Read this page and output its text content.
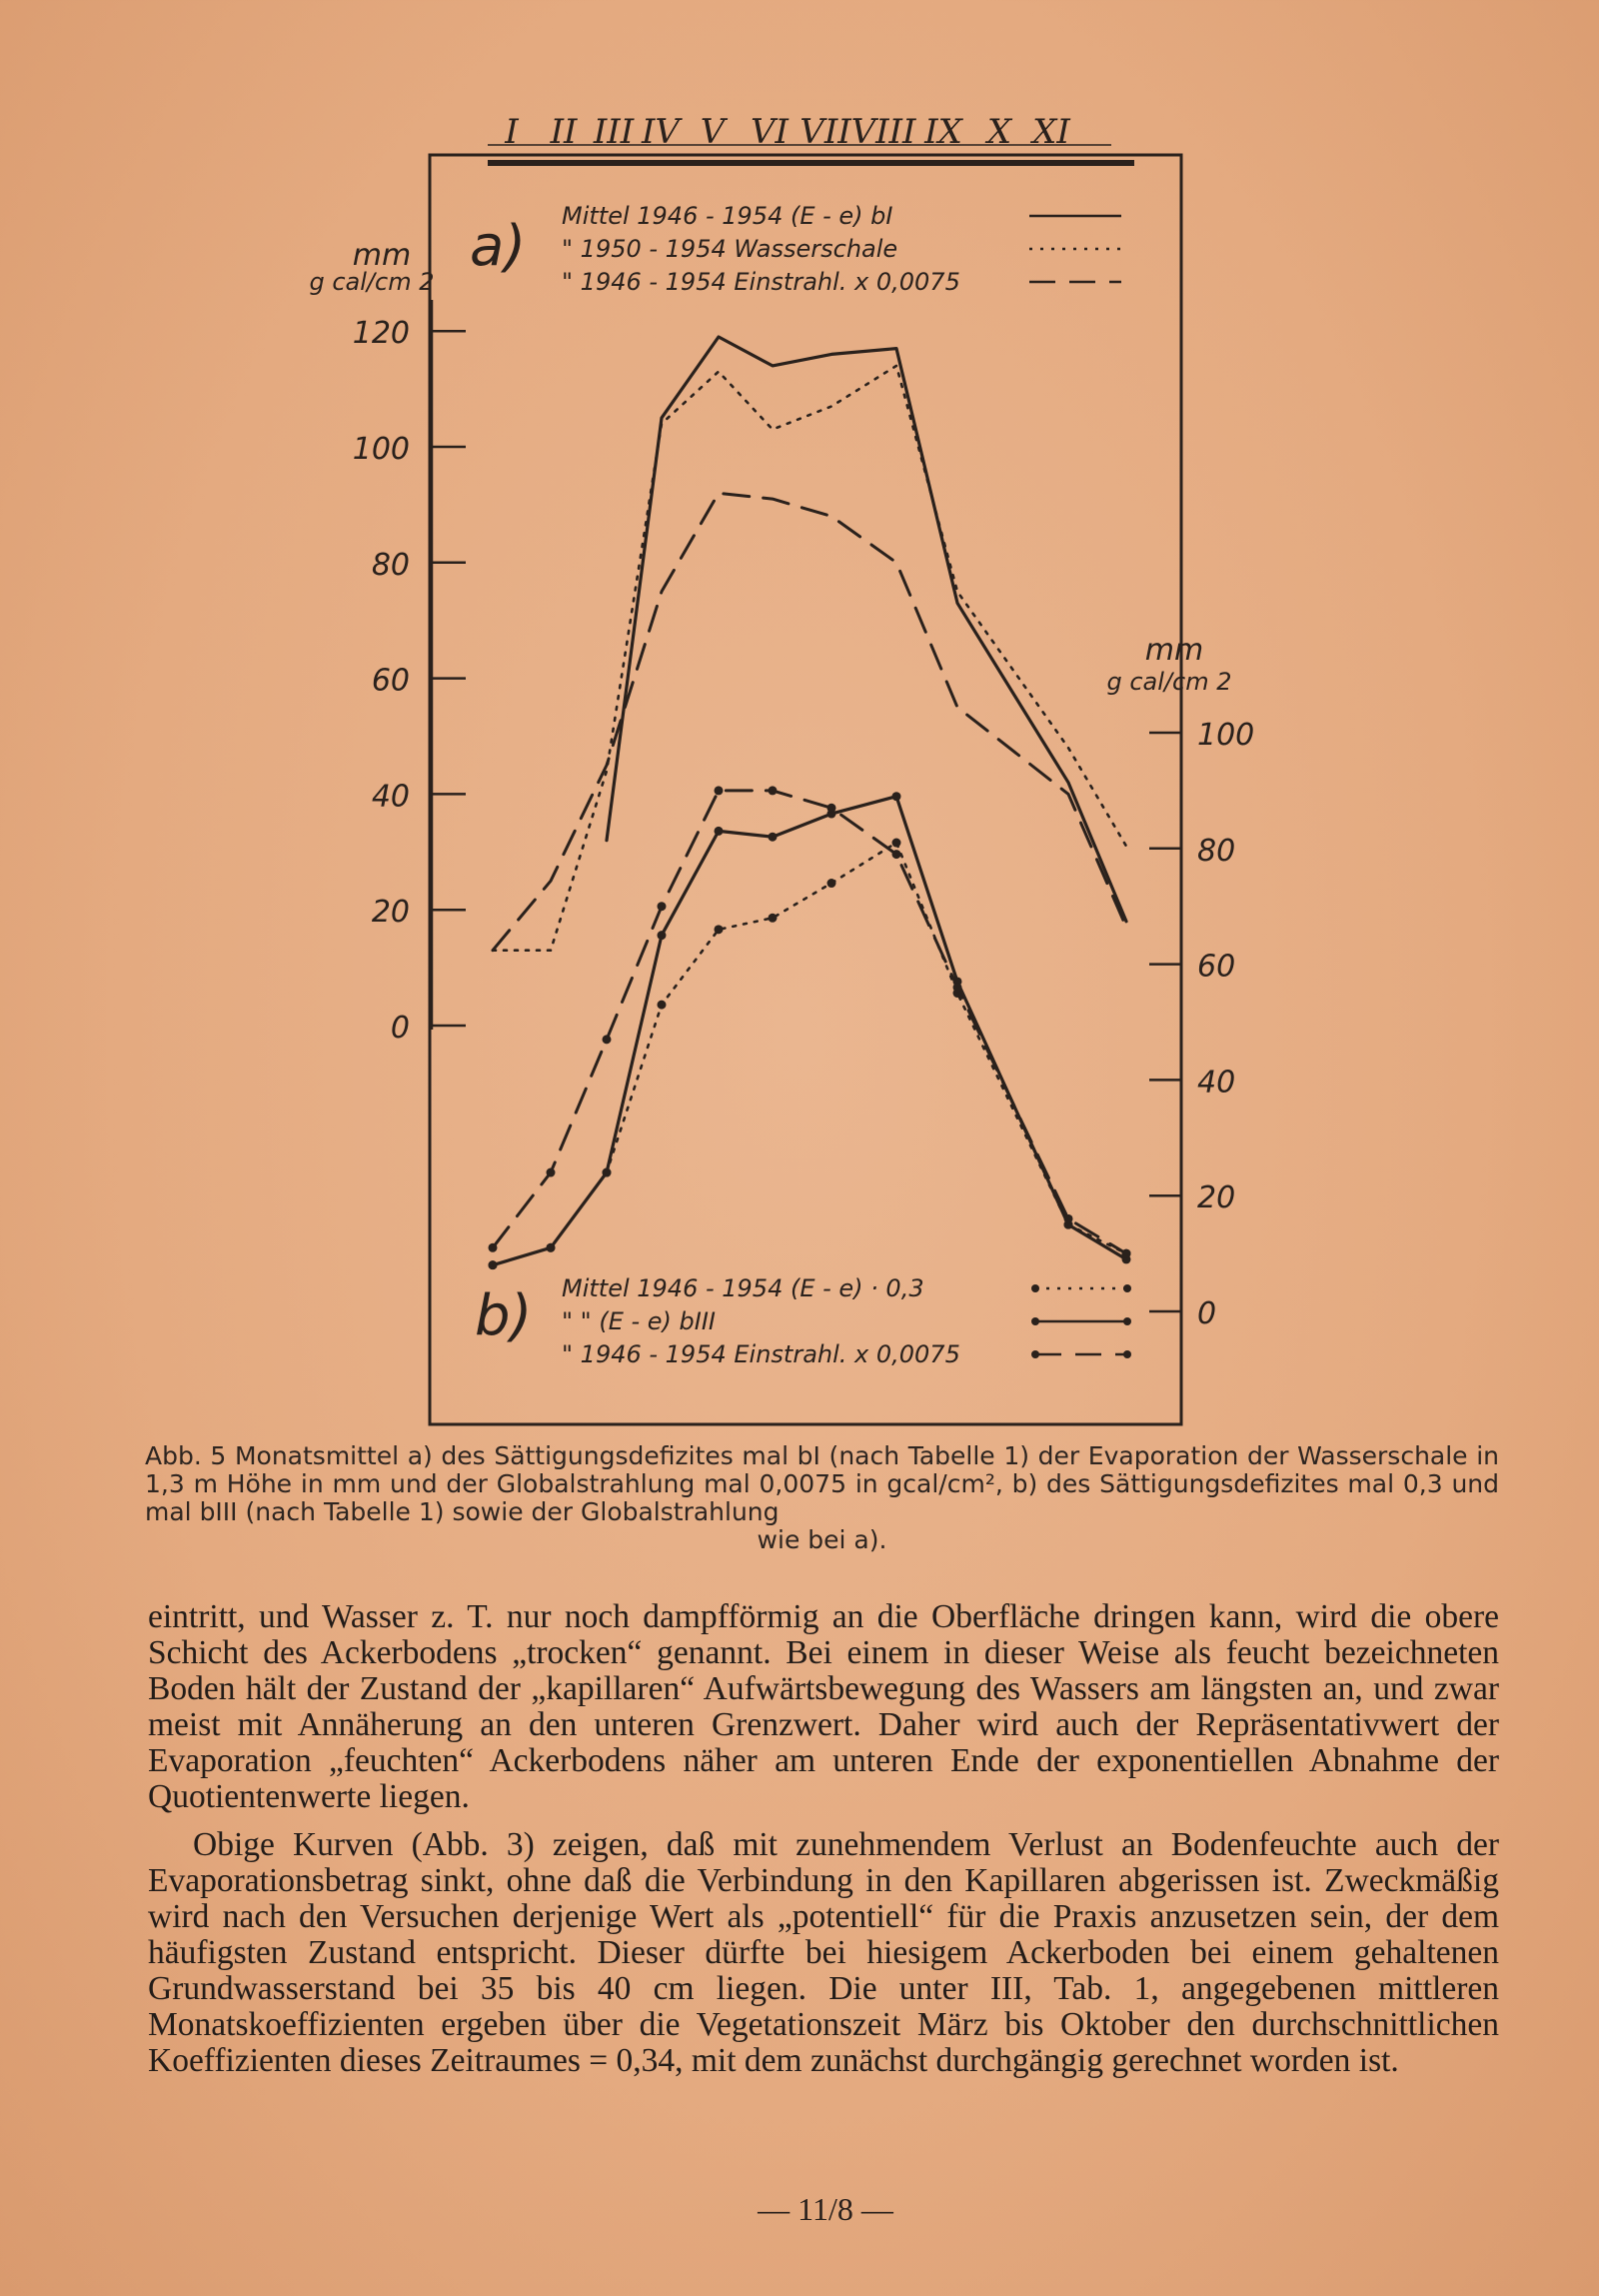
I II III IV V VI VII VIII IX X XI
120
100
80
60
40
20
0
mm
g cal/cm 2
a)
100
80
60
40
20
0
mm
g cal/cm 2
b)
Mittel 1946 - 1954 (E - e) bI
" 1950 - 1954 Wasserschale
" 1946 - 1954 Einstrahl. x 0,0075
Mittel 1946 - 1954 (E - e) · 0,3
" " (E - e) bIII
" 1946 - 1954 Einstrahl. x 0,0075
Abb. 5 Monatsmittel a) des Sättigungsdefizites mal bI (nach Tabelle 1) der Evaporation der Wasserschale in 1,3 m Höhe in mm und der Globalstrahlung mal 0,0075 in gcal/cm², b) des Sättigungsdefizites mal 0,3 und mal bIII (nach Tabelle 1) sowie der Globalstrahlung
wie bei a).

eintritt, und Wasser z. T. nur noch dampfförmig an die Oberfläche dringen kann, wird die obere Schicht des Ackerbodens „trocken“ genannt. Bei einem in dieser Weise als feucht bezeichneten Boden hält der Zustand der „kapillaren“ Aufwärtsbewegung des Wassers am längsten an, und zwar meist mit Annäherung an den unteren Grenzwert. Daher wird auch der Repräsentativwert der Evaporation „feuchten“ Ackerbodens näher am unteren Ende der exponentiellen Abnahme der Quotientenwerte liegen.

Obige Kurven (Abb. 3) zeigen, daß mit zunehmendem Verlust an Bodenfeuchte auch der Evaporationsbetrag sinkt, ohne daß die Verbindung in den Kapillaren abgerissen ist. Zweckmäßig wird nach den Versuchen derjenige Wert als „potentiell“ für die Praxis anzusetzen sein, der dem häufigsten Zustand entspricht. Dieser dürfte bei hiesigem Ackerboden bei einem gehaltenen Grundwasserstand bei 35 bis 40 cm liegen. Die unter III, Tab. 1, angegebenen mittleren Monatskoeffizienten ergeben über die Vegetationszeit März bis Oktober den durchschnittlichen Koeffizienten dieses Zeitraumes = 0,34, mit dem zunächst durchgängig gerechnet worden ist.

— 11/8 —
